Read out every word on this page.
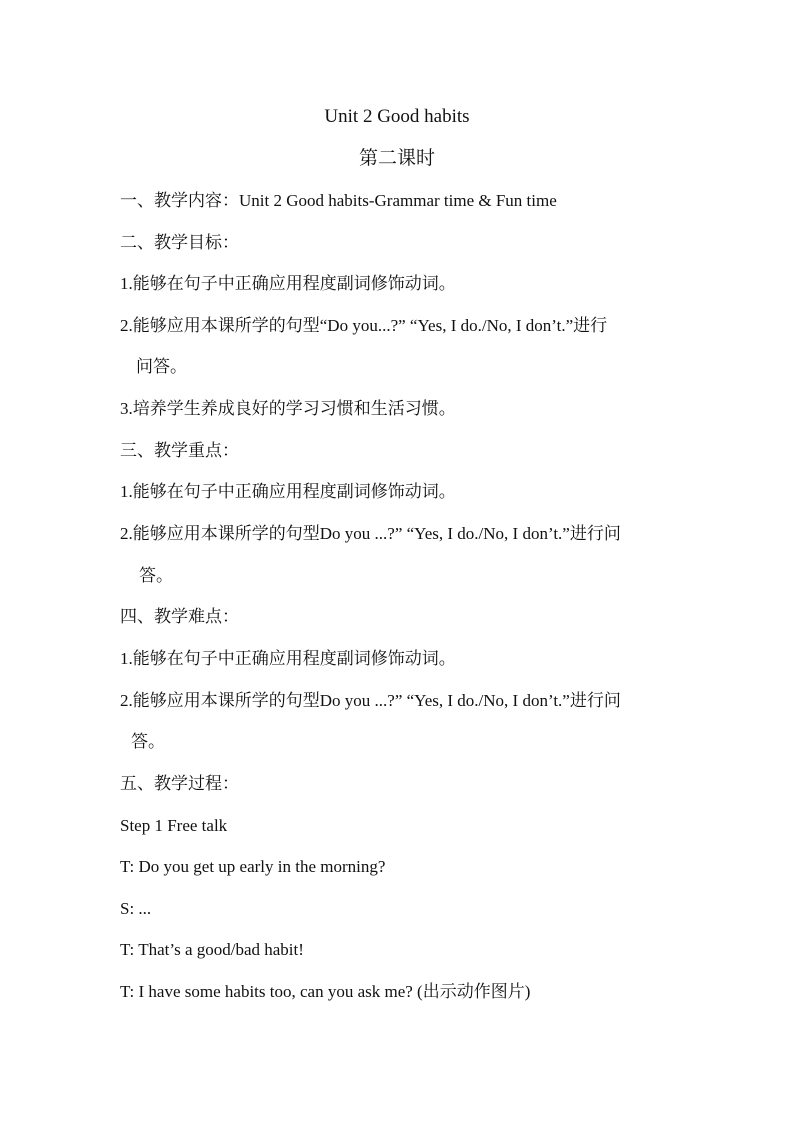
Unit 2 Good habits
第二课时
一、教学内容：Unit 2 Good habits-Grammar time & Fun time
二、教学目标：
1.能够在句子中正确应用程度副词修饰动词。
2.能够应用本课所学的句型“Do you...?” “Yes, I do./No, I don’t.”进行
问答。
3.培养学生养成良好的学习习惯和生活习惯。
三、教学重点：
1.能够在句子中正确应用程度副词修饰动词。
2.能够应用本课所学的句型Do you ...?” “Yes, I do./No, I don’t.”进行问
答。
四、教学难点：
1.能够在句子中正确应用程度副词修饰动词。
2.能够应用本课所学的句型Do you ...?” “Yes, I do./No, I don’t.”进行问
答。
五、教学过程：
Step 1 Free talk
T: Do you get up early in the morning?
S: ...
T: That’s a good/bad habit!
T: I have some habits too, can you ask me? (出示动作图片)
